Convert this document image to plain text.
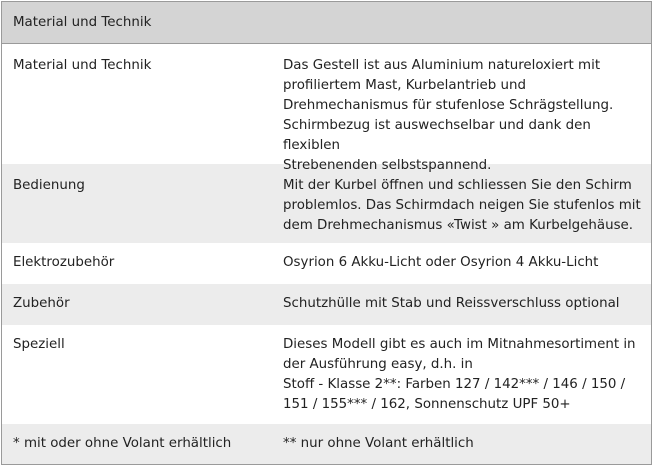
Material und Technik
Material und Technik	Das Gestell ist aus Aluminium natureloxiert mit
profiliertem Mast, Kurbelantrieb und
Drehmechanismus für stufenlose Schrägstellung.
Schirmbezug ist auswechselbar und dank den flexiblen
Strebenenden selbstspannend.
Bedienung	Mit der Kurbel öffnen und schliessen Sie den Schirm
problemlos. Das Schirmdach neigen Sie stufenlos mit
dem Drehmechanismus «Twist » am Kurbelgehäuse.
Elektrozubehör	Osyrion 6 Akku-Licht oder Osyrion 4 Akku-Licht
Zubehör	Schutzhülle mit Stab und Reissverschluss optional
Speziell	Dieses Modell gibt es auch im Mitnahmesortiment in
der Ausführung easy, d.h. in
Stoff - Klasse 2**: Farben 127 / 142*** / 146 / 150 /
151 / 155*** / 162, Sonnenschutz UPF 50+
* mit oder ohne Volant erhältlich	** nur ohne Volant erhältlich
